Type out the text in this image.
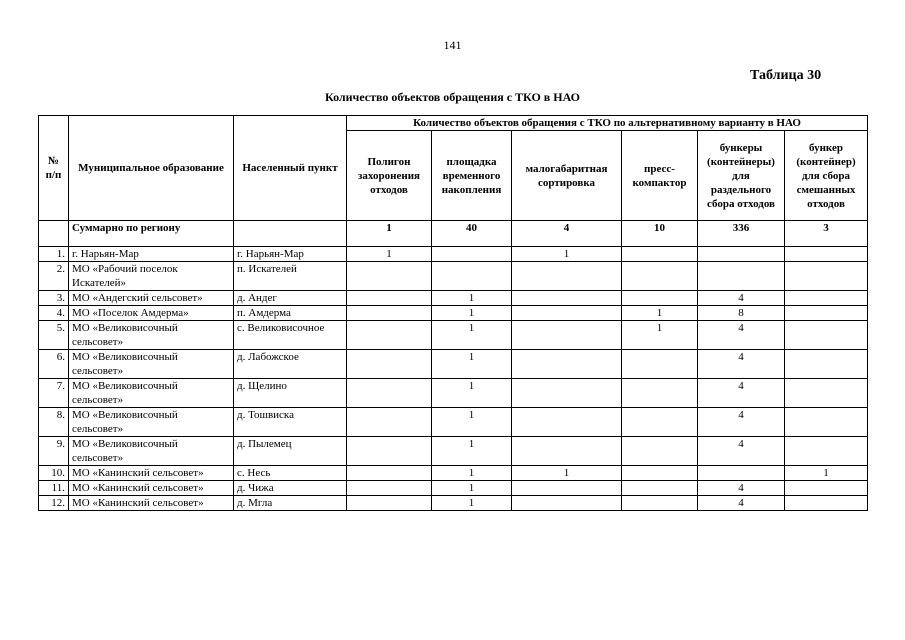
141
Таблица 30
Количество объектов обращения с ТКО в НАО
№
п/п	Муниципальное образование	Населенный пункт	Количество объектов обращения с ТКО по альтернативному варианту в НАО					
			Полигон захоронения отходов	площадка временного накопления	малогабаритная сортировка	пресс-компактор	бункеры (контейнеры) для раздельного сбора отходов	бункер (контейнер) для сбора смешанных отходов
	Суммарно по региону		1	40	4	10	336	3
1.	г. Нарьян-Мар	г. Нарьян-Мар	1		1			
2.	МО «Рабочий поселок Искателей»	п. Искателей						
3.	МО «Андегский сельсовет»	д. Андег		1			4	
4.	МО «Поселок Амдерма»	п. Амдерма		1		1	8	
5.	МО «Великовисочный сельсовет»	с. Великовисочное		1		1	4	
6.	МО «Великовисочный сельсовет»	д. Лабожское		1			4	
7.	МО «Великовисочный сельсовет»	д. Щелино		1			4	
8.	МО «Великовисочный сельсовет»	д. Тошвиска		1			4	
9.	МО «Великовисочный сельсовет»	д. Пылемец		1			4	
10.	МО «Канинский сельсовет»	с. Несь		1	1			1
11.	МО «Канинский сельсовет»	д. Чижа		1			4	
12.	МО «Канинский сельсовет»	д. Мгла		1			4	
